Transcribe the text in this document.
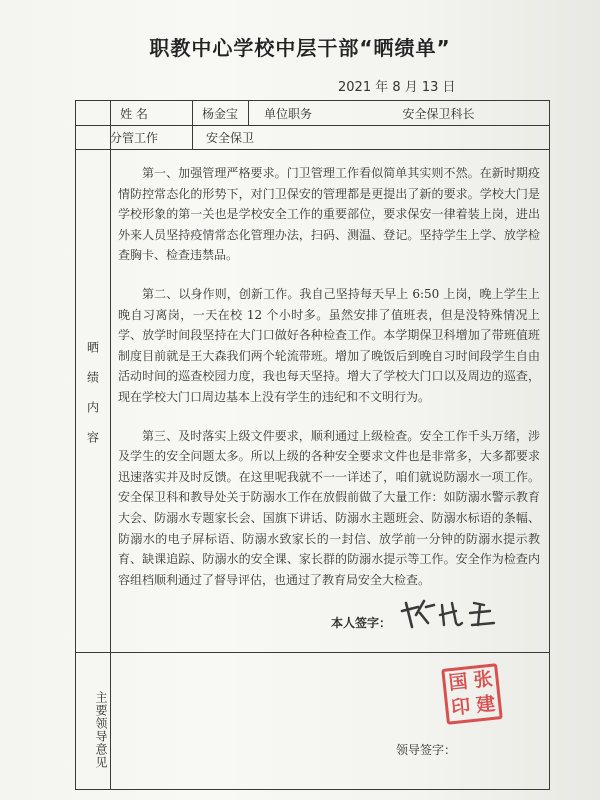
职教中心学校中层干部“晒绩单”
2021 年 8 月 13 日
姓 名	杨金宝	单位职务	安全保卫科长
分管工作	安全保卫
晒绩内容
主要领导意见

第一、加强管理严格要求。门卫管理工作看似简单其实则不然。在新时期疫情防控常态化的形势下，对门卫保安的管理都是更提出了新的要求。学校大门是学校形象的第一关也是学校安全工作的重要部位，要求保安一律着装上岗，进出外来人员坚持疫情常态化管理办法，扫码、测温、登记。坚持学生上学、放学检查胸卡、检查违禁品。

第二、以身作则，创新工作。我自己坚持每天早上 6:50 上岗，晚上学生上晚自习离岗，一天在校 12 个小时多。虽然安排了值班表，但是没特殊情况上学、放学时间段坚持在大门口做好各种检查工作。本学期保卫科增加了带班值班制度目前就是王大森我们两个轮流带班。增加了晚饭后到晚自习时间段学生自由活动时间的巡查校园力度，我也每天坚持。增大了学校大门口以及周边的巡查，现在学校大门口周边基本上没有学生的违纪和不文明行为。

第三、及时落实上级文件要求，顺利通过上级检查。安全工作千头万绪，涉及学生的安全问题太多。所以上级的各种安全要求文件也是非常多，大多都要求迅速落实并及时反馈。在这里呢我就不一一详述了，咱们就说防溺水一项工作。安全保卫科和教导处关于防溺水工作在放假前做了大量工作：如防溺水警示教育大会、防溺水专题家长会、国旗下讲话、防溺水主题班会、防溺水标语的条幅、防溺水的电子屏标语、防溺水致家长的一封信、放学前一分钟的防溺水提示教育、缺课追踪、防溺水的安全课、家长群的防溺水提示等工作。安全作为检查内容组档顺利通过了督导评估，也通过了教育局安全大检查。

本人签字：
国 张
印 建
领导签字：
